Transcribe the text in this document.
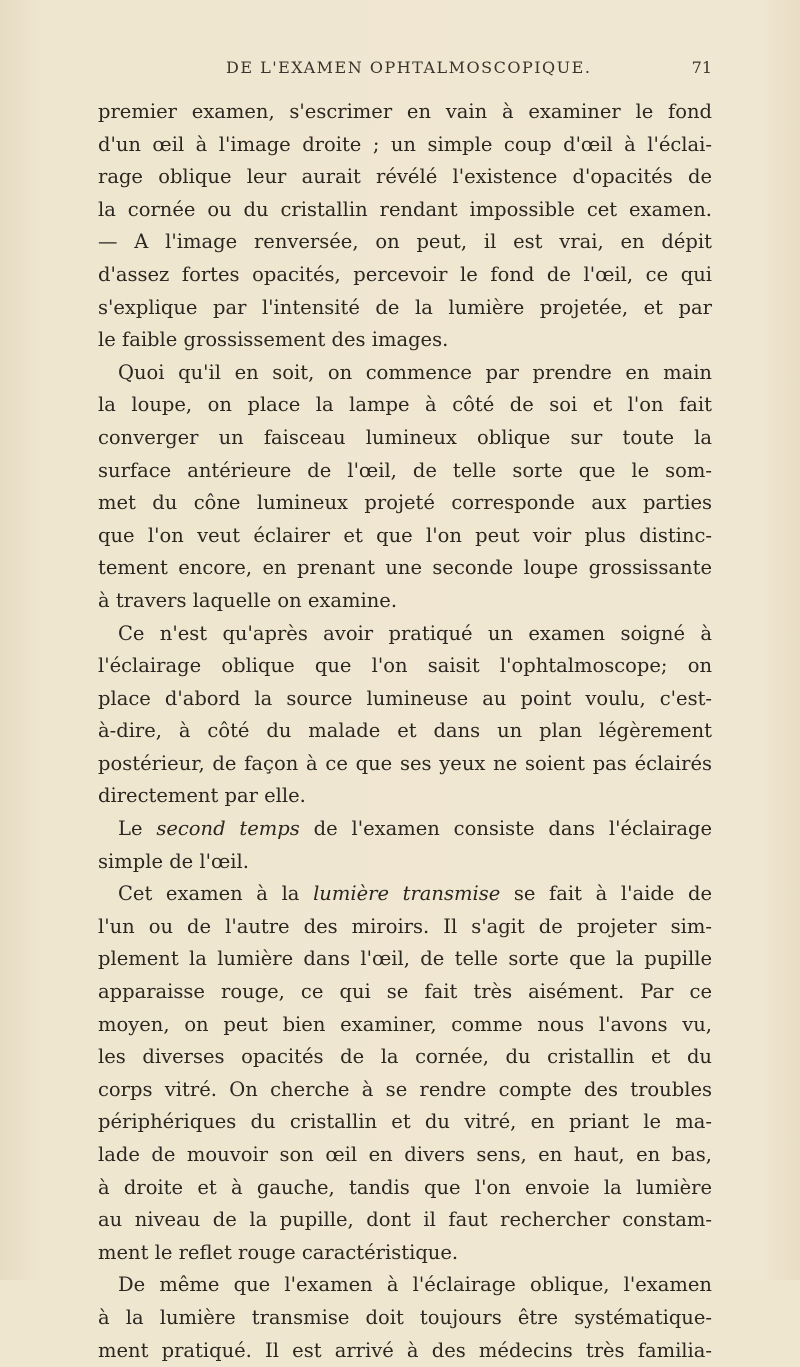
DE L'EXAMEN OPHTALMOSCOPIQUE.	71
premier examen, s'escrimer en vain à examiner le fond
d'un œil à l'image droite ; un simple coup d'œil à l'éclai-
rage oblique leur aurait révélé l'existence d'opacités de
la cornée ou du cristallin rendant impossible cet examen.
— A l'image renversée, on peut, il est vrai, en dépit
d'assez fortes opacités, percevoir le fond de l'œil, ce qui
s'explique par l'intensité de la lumière projetée, et par
le faible grossissement des images.
Quoi qu'il en soit, on commence par prendre en main
la loupe, on place la lampe à côté de soi et l'on fait
converger un faisceau lumineux oblique sur toute la
surface antérieure de l'œil, de telle sorte que le som-
met du cône lumineux projeté corresponde aux parties
que l'on veut éclairer et que l'on peut voir plus distinc-
tement encore, en prenant une seconde loupe grossissante
à travers laquelle on examine.
Ce n'est qu'après avoir pratiqué un examen soigné à
l'éclairage oblique que l'on saisit l'ophtalmoscope; on
place d'abord la source lumineuse au point voulu, c'est-
à-dire, à côté du malade et dans un plan légèrement
postérieur, de façon à ce que ses yeux ne soient pas éclairés
directement par elle.
Le second temps de l'examen consiste dans l'éclairage
simple de l'œil.
Cet examen à la lumière transmise se fait à l'aide de
l'un ou de l'autre des miroirs. Il s'agit de projeter sim-
plement la lumière dans l'œil, de telle sorte que la pupille
apparaisse rouge, ce qui se fait très aisément. Par ce
moyen, on peut bien examiner, comme nous l'avons vu,
les diverses opacités de la cornée, du cristallin et du
corps vitré. On cherche à se rendre compte des troubles
périphériques du cristallin et du vitré, en priant le ma-
lade de mouvoir son œil en divers sens, en haut, en bas,
à droite et à gauche, tandis que l'on envoie la lumière
au niveau de la pupille, dont il faut rechercher constam-
ment le reflet rouge caractéristique.
De même que l'examen à l'éclairage oblique, l'examen
à la lumière transmise doit toujours être systématique-
ment pratiqué. Il est arrivé à des médecins très familia-
